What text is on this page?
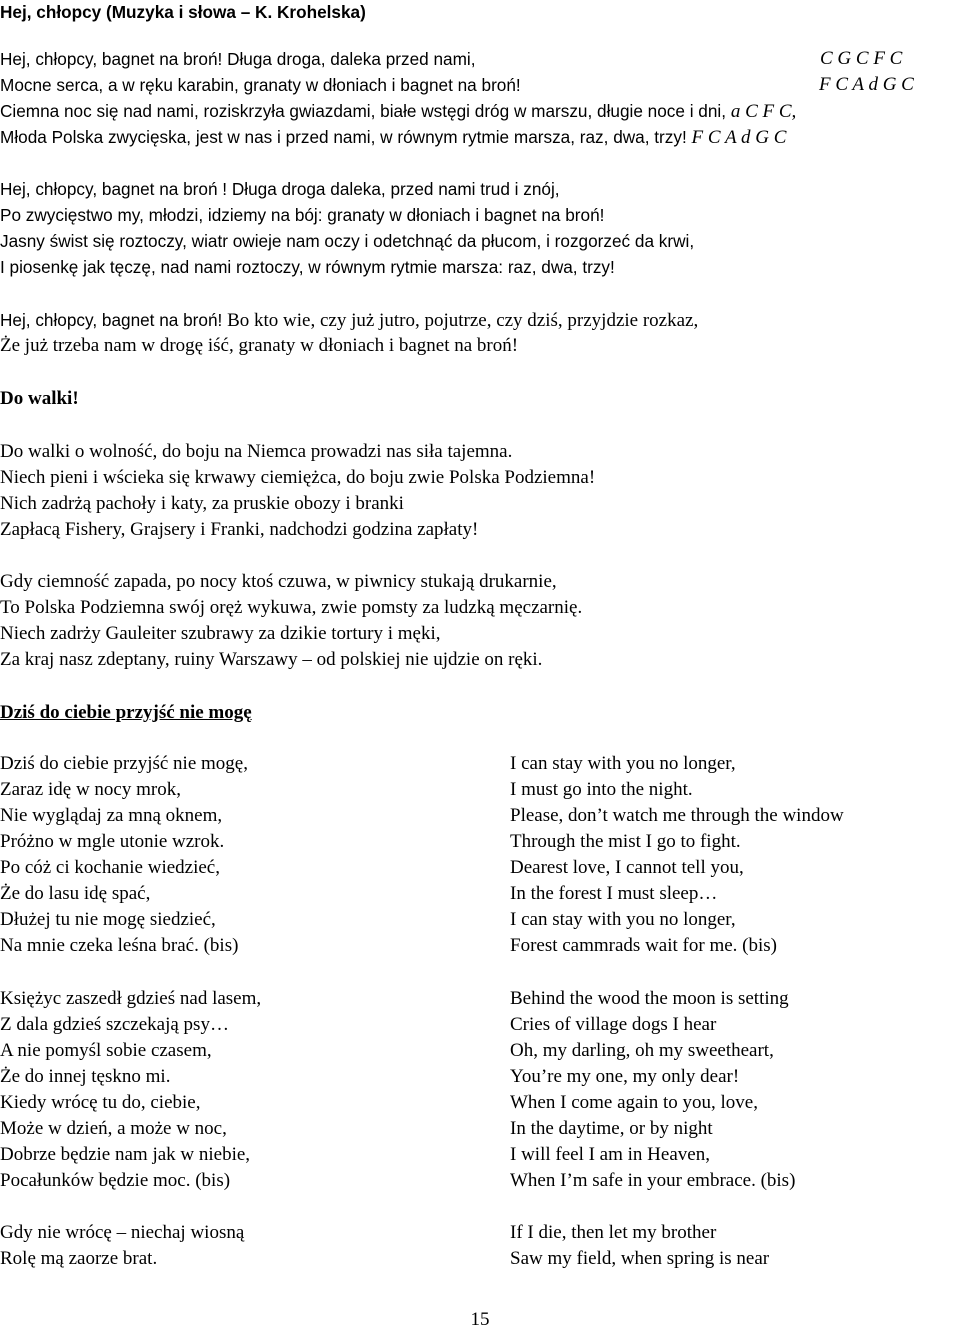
Hej, chłopcy (Muzyka i słowa – K. Krohelska)
Hej, chłopcy, bagnet na broń! Długa droga, daleka przed nami,	C G C F C
Mocne serca, a w ręku karabin, granaty w dłoniach i bagnet na broń!	F C A d G C
Ciemna noc się nad nami, roziskrzyła gwiazdami, białe wstęgi dróg w marszu, długie noce i dni, a C F C,
Młoda Polska zwycięska, jest w nas i przed nami, w równym rytmie marsza, raz, dwa, trzy! F C A d G C
Hej, chłopcy, bagnet na broń ! Długa droga daleka, przed nami trud i znój,
Po zwycięstwo my, młodzi, idziemy na bój: granaty w dłoniach i bagnet na broń!
Jasny świst się roztoczy, wiatr owieje nam oczy i odetchnąć da płucom, i rozgorzeć da krwi,
I piosenkę jak tęczę, nad nami roztoczy, w równym rytmie marsza: raz, dwa, trzy!
Hej, chłopcy, bagnet na broń! Bo kto wie, czy już jutro, pojutrze, czy dziś, przyjdzie rozkaz,
Że już trzeba nam w drogę iść, granaty w dłoniach i bagnet na broń!
Do walki!
Do walki o wolność, do boju na Niemca prowadzi nas siła tajemna.
Niech pieni i wścieka się krwawy ciemiężca, do boju zwie Polska Podziemna!
Nich zadrżą pachoły i katy, za pruskie obozy i branki
Zapłacą Fishery, Grajsery i Franki, nadchodzi godzina zapłaty!
Gdy ciemność zapada, po nocy ktoś czuwa, w piwnicy stukają drukarnie,
To Polska Podziemna swój oręż wykuwa, zwie pomsty za ludzką męczarnię.
Niech zadrży Gauleiter szubrawy za dzikie tortury i męki,
Za kraj nasz zdeptany, ruiny Warszawy – od polskiej nie ujdzie on ręki.
Dziś do ciebie przyjść nie mogę
Dziś do ciebie przyjść nie mogę,
Zaraz idę w nocy mrok,
Nie wyglądaj za mną oknem,
Próżno w mgle utonie wzrok.
Po cóż ci kochanie wiedzieć,
Że do lasu idę spać,
Dłużej tu nie mogę siedzieć,
Na mnie czeka leśna brać. (bis)
I can stay with you no longer,
I must go into the night.
Please, don’t watch me through the window
Through the mist I go to fight.
Dearest love, I cannot tell you,
In the forest I must sleep…
I can stay with you no longer,
Forest cammrads wait for me. (bis)
Księżyc zaszedł gdzieś nad lasem,
Z dala gdzieś szczekają psy…
A nie pomyśl sobie czasem,
Że do innej tęskno mi.
Kiedy wrócę tu do, ciebie,
Może w dzień, a może w noc,
Dobrze będzie nam jak w niebie,
Pocałunków będzie moc. (bis)
Behind the wood the moon is setting
Cries of village dogs I hear
Oh, my darling, oh my sweetheart,
You’re my one, my only dear!
When I come again to you, love,
In the daytime, or by night
I will feel I am in Heaven,
When I’m safe in your embrace. (bis)
Gdy nie wrócę – niechaj wiosną
Rolę mą zaorze brat.
If I die, then let my brother
Saw my field, when spring is near
15
